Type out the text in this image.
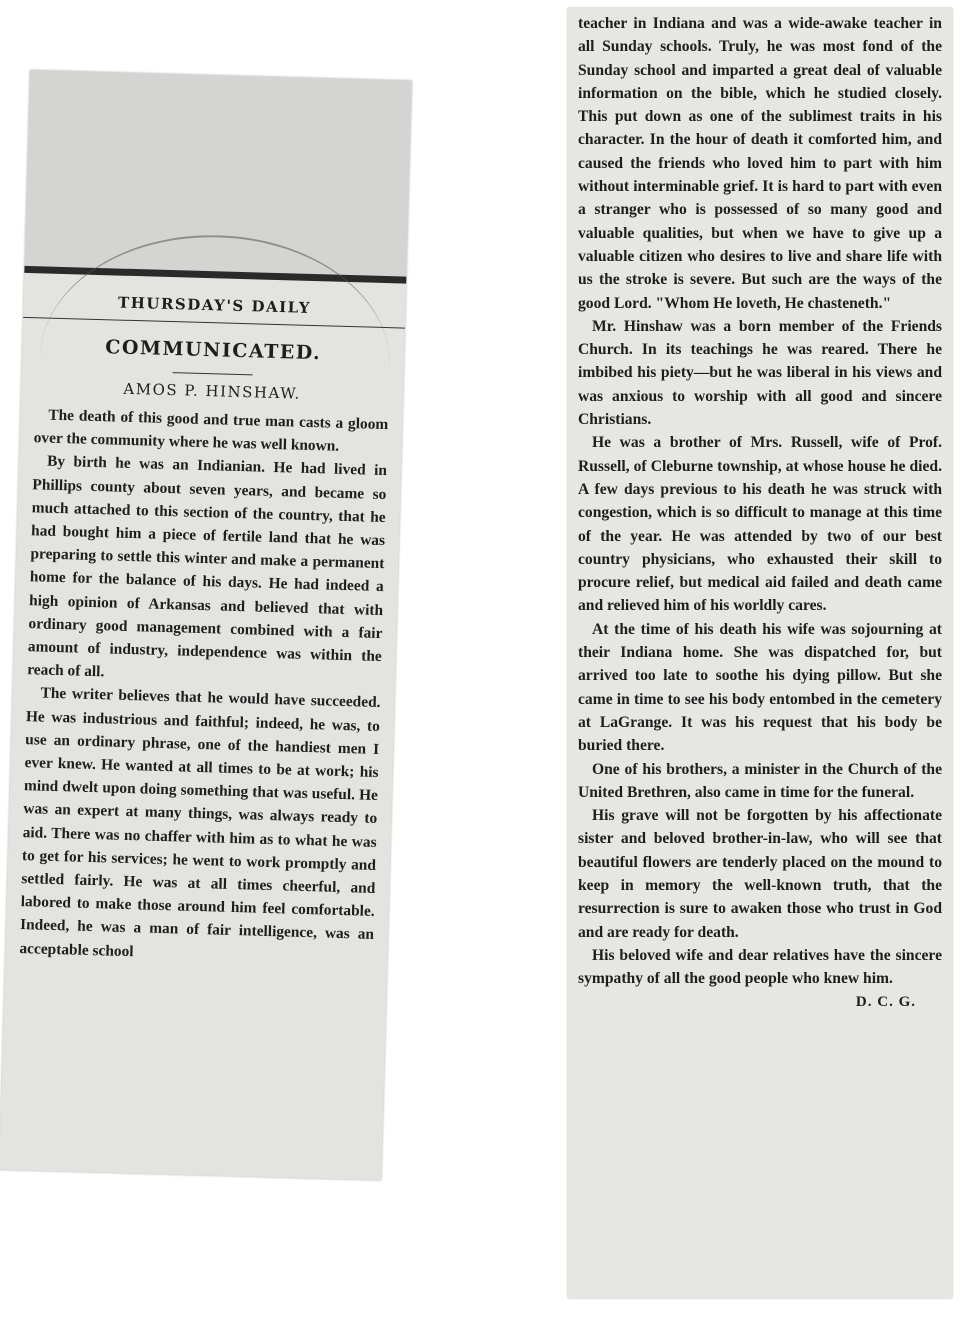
THURSDAY'S DAILY
COMMUNICATED.
AMOS P. HINSHAW.

The death of this good and true man casts a gloom over the community where he was well known.

By birth he was an Indianian. He had lived in Phillips county about seven years, and became so much attached to this section of the country, that he had bought him a piece of fertile land that he was preparing to settle this winter and make a permanent home for the balance of his days. He had indeed a high opinion of Arkansas and believed that with ordinary good management combined with a fair amount of industry, independence was within the reach of all.

The writer believes that he would have succeeded. He was industrious and faithful; indeed, he was, to use an ordinary phrase, one of the handiest men I ever knew. He wanted at all times to be at work; his mind dwelt upon doing something that was useful. He was an expert at many things, was always ready to aid. There was no chaffer with him as to what he was to get for his services; he went to work promptly and settled fairly. He was at all times cheerful, and labored to make those around him feel comfortable. Indeed, he was a man of fair intelligence, was an acceptable school

teacher in Indiana and was a wide-awake teacher in all Sunday schools. Truly, he was most fond of the Sunday school and imparted a great deal of valuable information on the bible, which he studied closely. This put down as one of the sublimest traits in his character. In the hour of death it comforted him, and caused the friends who loved him to part with him without interminable grief. It is hard to part with even a stranger who is possessed of so many good and valuable qualities, but when we have to give up a valuable citizen who desires to live and share life with us the stroke is severe. But such are the ways of the good Lord. "Whom He loveth, He chasteneth."

Mr. Hinshaw was a born member of the Friends Church. In its teachings he was reared. There he imbibed his piety—but he was liberal in his views and was anxious to worship with all good and sincere Christians.

He was a brother of Mrs. Russell, wife of Prof. Russell, of Cleburne township, at whose house he died. A few days previous to his death he was struck with congestion, which is so difficult to manage at this time of the year. He was attended by two of our best country physicians, who exhausted their skill to procure relief, but medical aid failed and death came and relieved him of his worldly cares.

At the time of his death his wife was sojourning at their Indiana home. She was dispatched for, but arrived too late to soothe his dying pillow. But she came in time to see his body entombed in the cemetery at LaGrange. It was his request that his body be buried there.

One of his brothers, a minister in the Church of the United Brethren, also came in time for the funeral.

His grave will not be forgotten by his affectionate sister and beloved brother-in-law, who will see that beautiful flowers are tenderly placed on the mound to keep in memory the well-known truth, that the resurrection is sure to awaken those who trust in God and are ready for death.

His beloved wife and dear relatives have the sincere sympathy of all the good people who knew him.

D. C. G.
